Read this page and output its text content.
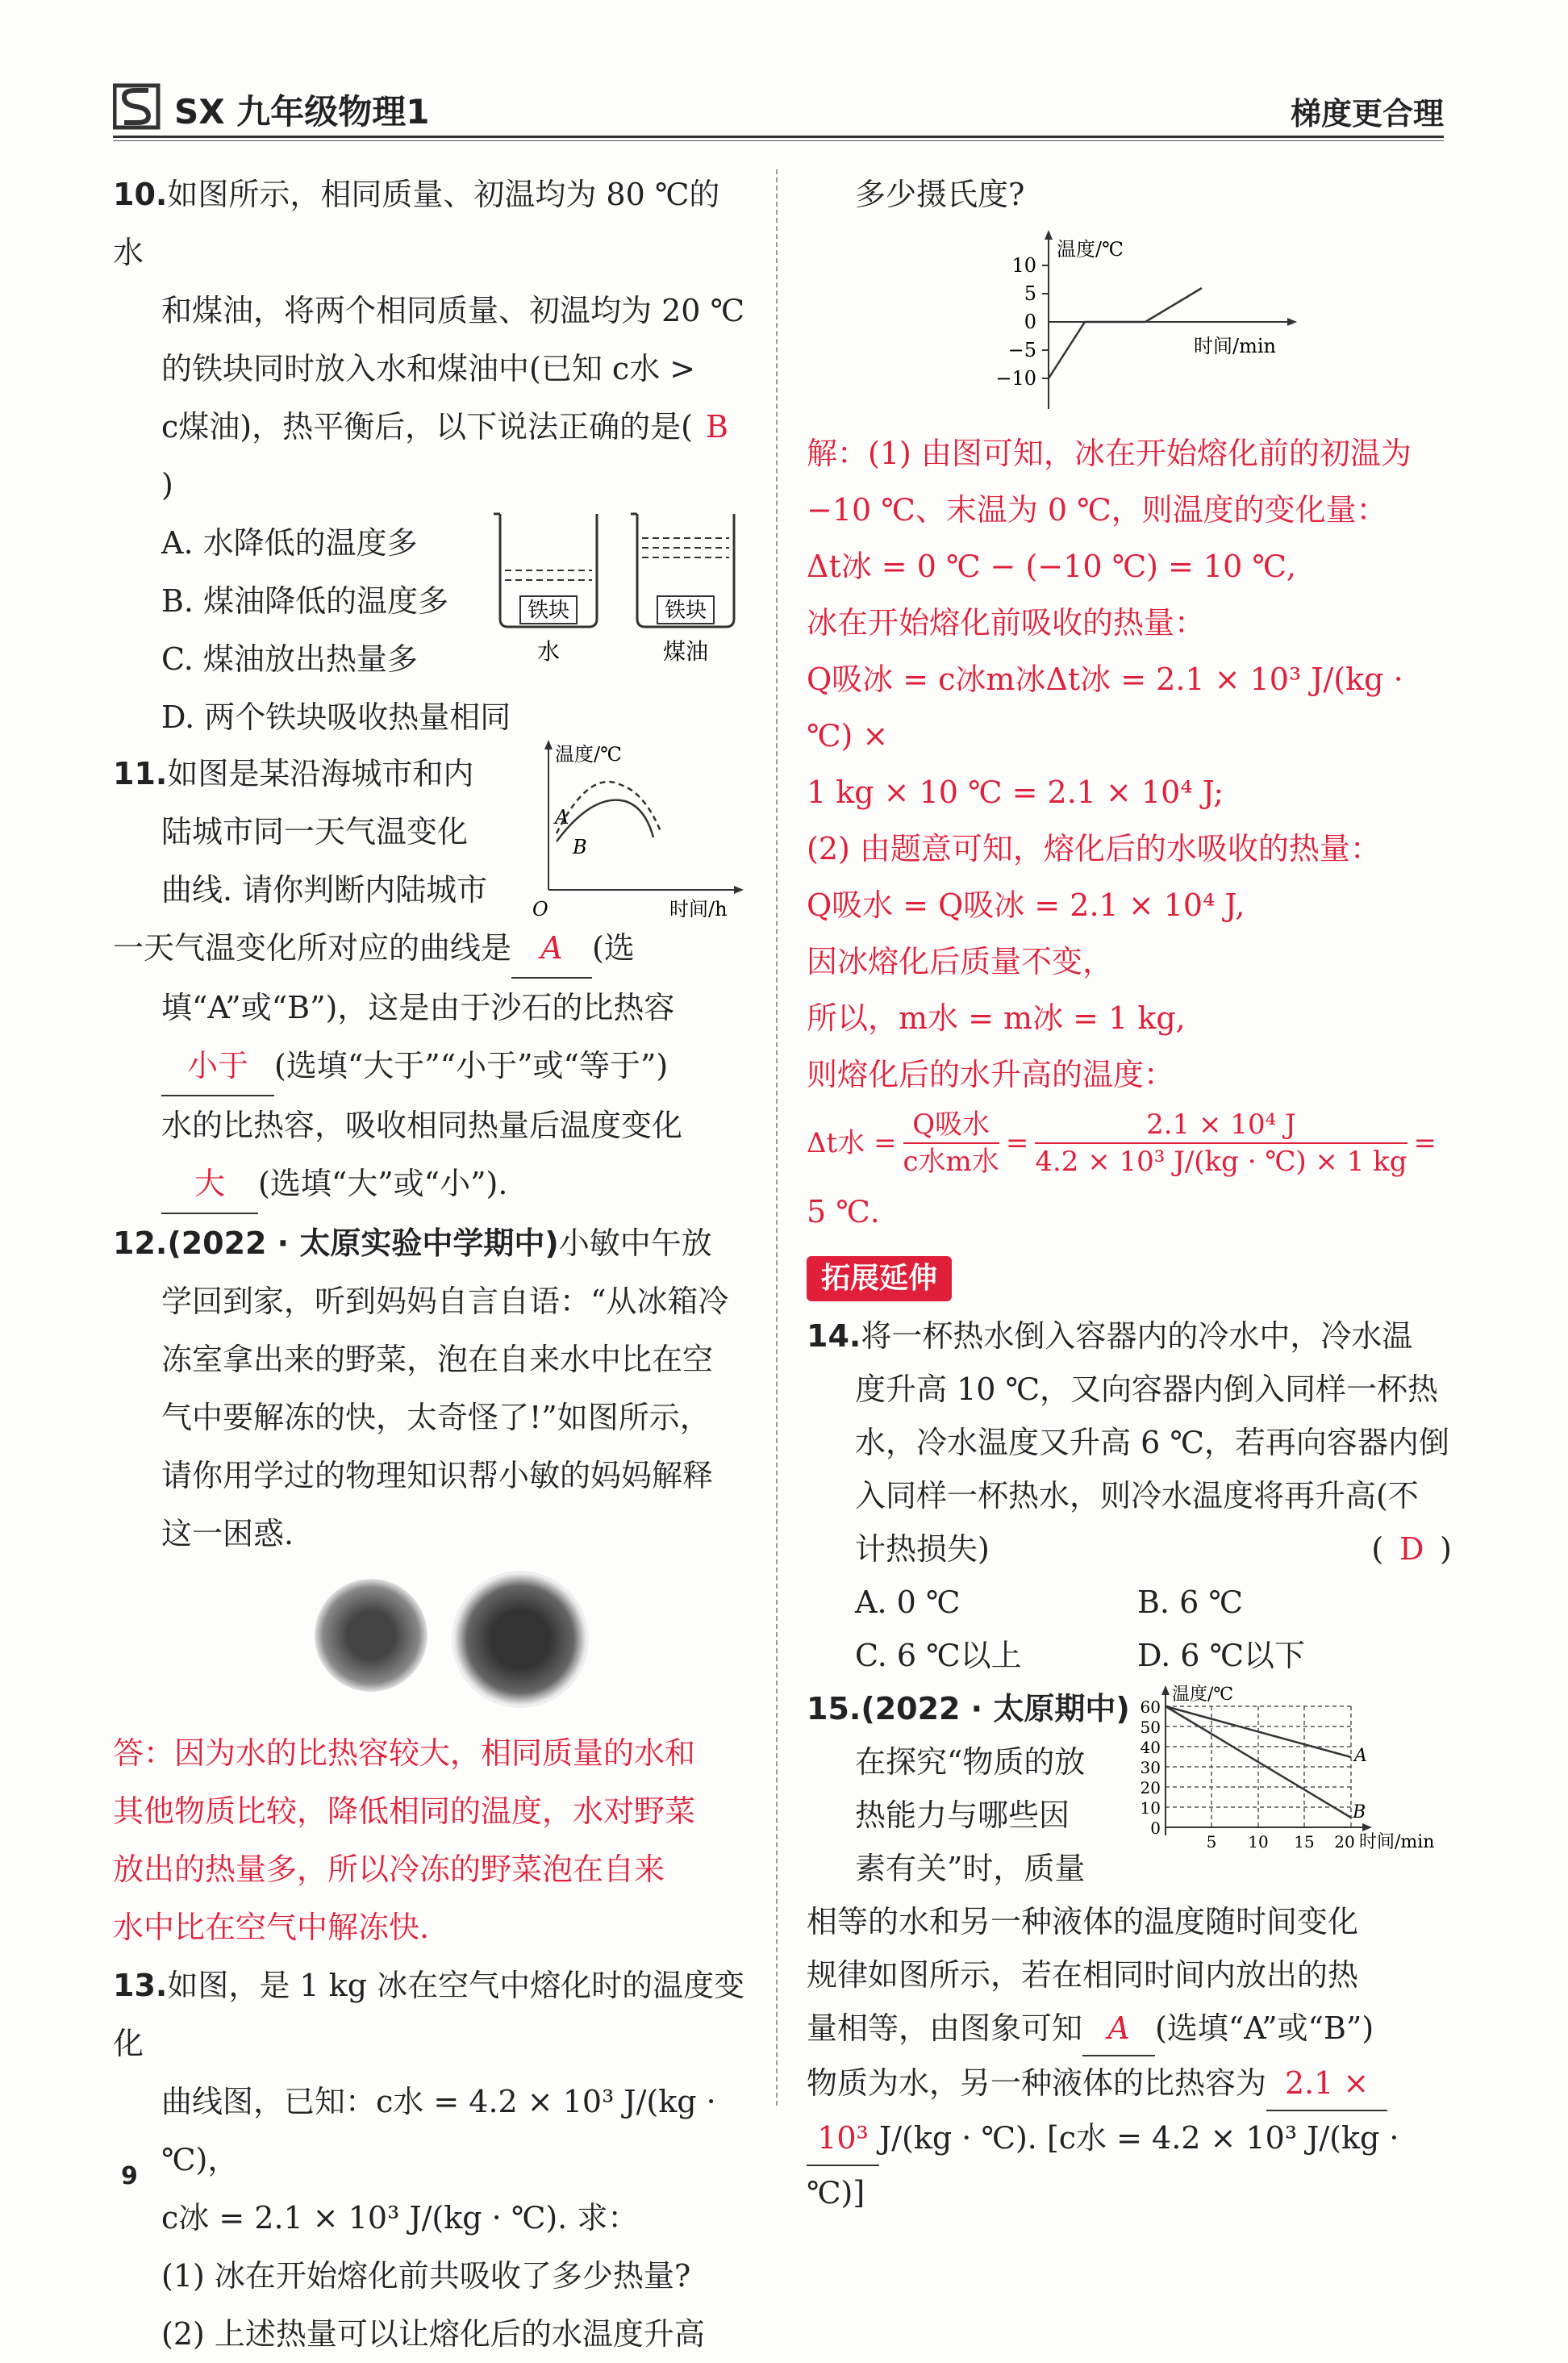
SX 九年级物理1	梯度更合理

10.如图所示，相同质量、初温均为 80 ℃的水

和煤油，将两个相同质量、初温均为 20 ℃

的铁块同时放入水和煤油中(已知 c水 >

c煤油)，热平衡后，以下说法正确的是( B)

A. 水降低的温度多

B. 煤油降低的温度多

C. 煤油放出热量多

D. 两个铁块吸收热量相同

铁块
水
铁块
煤油

11.如图是某沿海城市和内

陆城市同一天气温变化

曲线. 请你判断内陆城市

温度/℃
时间/h
O
A
B

一天气温变化所对应的曲线是 A (选

填“A”或“B”)，这是由于沙石的比热容

小于 (选填“大于”“小于”或“等于”)

水的比热容，吸收相同热量后温度变化

大 (选填“大”或“小”).

12.(2022 · 太原实验中学期中)小敏中午放

学回到家，听到妈妈自言自语：“从冰箱冷

冻室拿出来的野菜，泡在自来水中比在空

气中要解冻的快，太奇怪了!”如图所示，

请你用学过的物理知识帮小敏的妈妈解释

这一困惑.

答：因为水的比热容较大，相同质量的水和

其他物质比较，降低相同的温度，水对野菜

放出的热量多，所以冷冻的野菜泡在自来

水中比在空气中解冻快.

13.如图，是 1 kg 冰在空气中熔化时的温度变化

曲线图，已知：c水 = 4.2 × 10³ J/(kg · ℃)，

c冰 = 2.1 × 10³ J/(kg · ℃). 求：

(1) 冰在开始熔化前共吸收了多少热量?

(2) 上述热量可以让熔化后的水温度升高

多少摄氏度?

温度/℃
时间/min
10
5
0
−5
−10

解：(1) 由图可知，冰在开始熔化前的初温为

−10 ℃、末温为 0 ℃，则温度的变化量：

Δt冰 = 0 ℃ − (−10 ℃) = 10 ℃,

冰在开始熔化前吸收的热量：

Q吸冰 = c冰m冰Δt冰 = 2.1 × 10³ J/(kg · ℃) ×

1 kg × 10 ℃ = 2.1 × 10⁴ J;

(2) 由题意可知，熔化后的水吸收的热量：

Q吸水 = Q吸冰 = 2.1 × 10⁴ J,

因冰熔化后质量不变，

所以，m水 = m冰 = 1 kg,

则熔化后的水升高的温度：

Δt水 =
Q吸水
c水m水
= $\frac{\text{2.1 × 10⁴ J}}{\text{4.2 × 10³ J/(kg · ℃) × 1 kg}}$ =

5 ℃.

拓展延伸

14.将一杯热水倒入容器内的冷水中，冷水温

度升高 10 ℃，又向容器内倒入同样一杯热

水，冷水温度又升高 6 ℃，若再向容器内倒

入同样一杯热水，则冷水温度将再升高(不

计热损失)	( D )

A. 0 ℃	B. 6 ℃

C. 6 ℃以上	D. 6 ℃以下

15.(2022 · 太原期中)

在探究“物质的放

热能力与哪些因

素有关”时，质量

温度/℃
时间/min
60
50
40
30
20
10
0
5 10 15 20
A
B

相等的水和另一种液体的温度随时间变化

规律如图所示，若在相同时间内放出的热

量相等，由图象可知 A (选填“A”或“B”)

物质为水，另一种液体的比热容为 2.1 ×

10³ J/(kg · ℃). [c水 = 4.2 × 10³ J/(kg · ℃)]

9
